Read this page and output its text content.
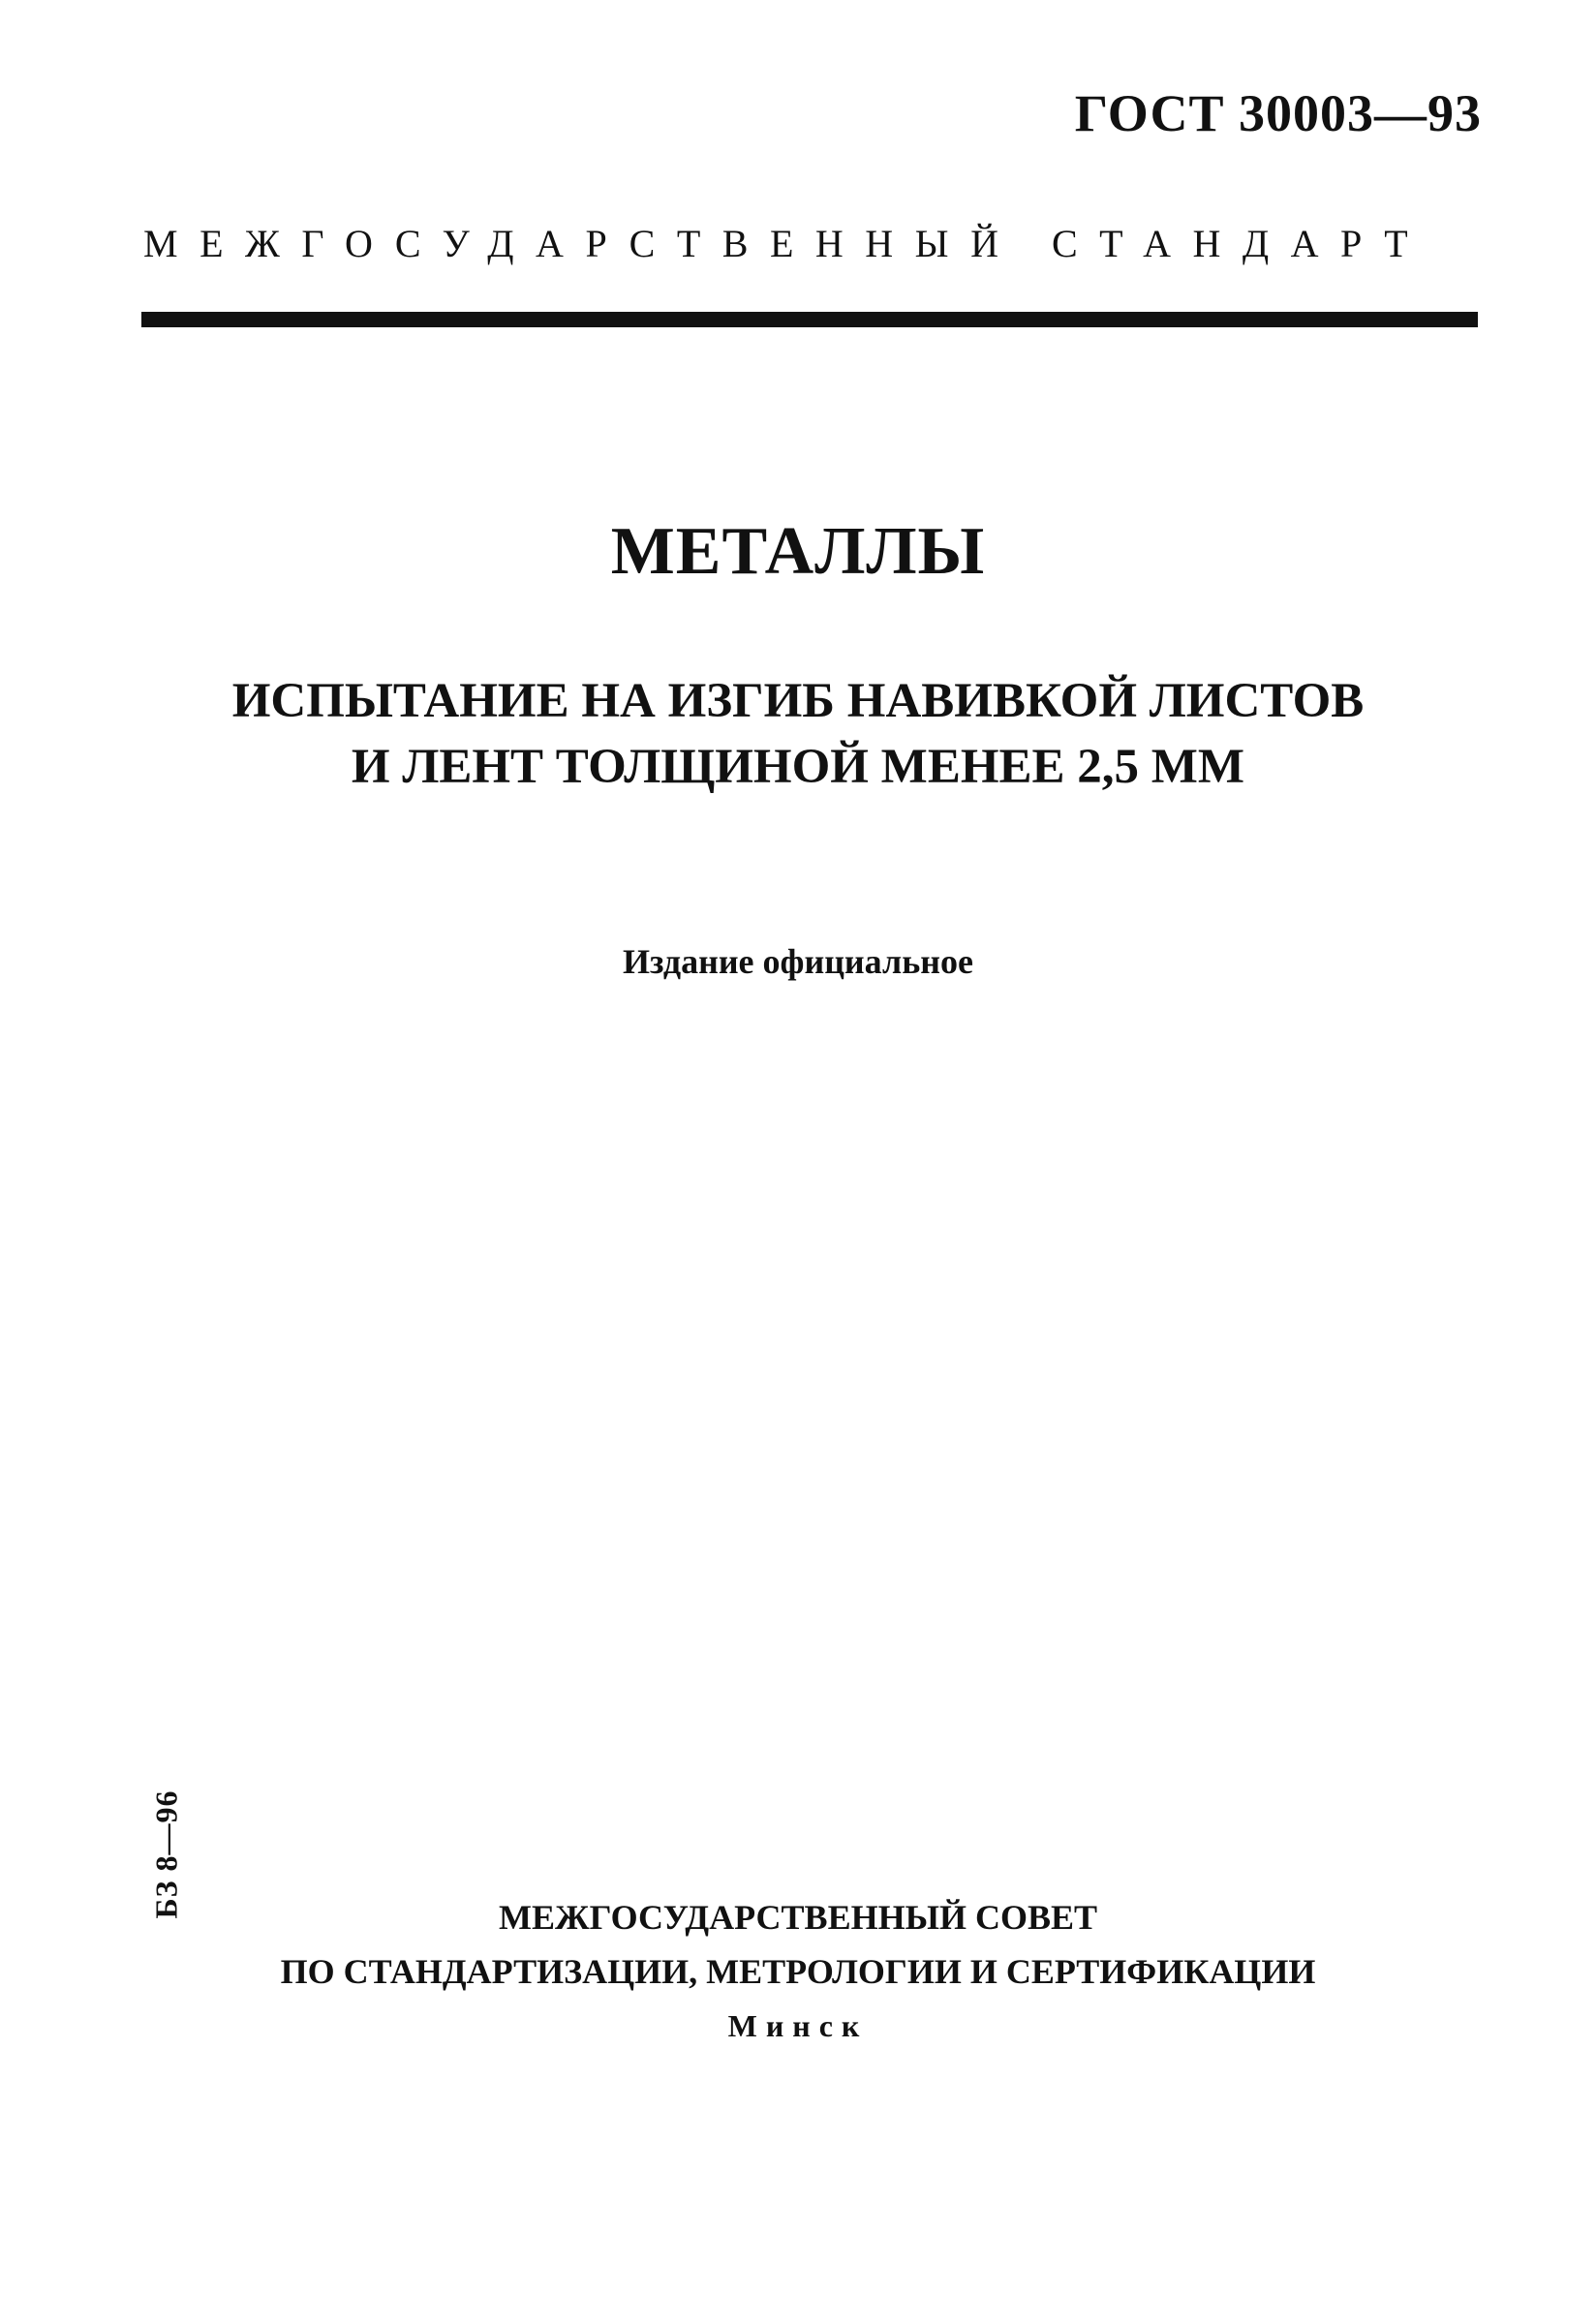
ГОСТ 30003—93
МЕЖГОСУДАРСТВЕННЫЙ СТАНДАРТ
МЕТАЛЛЫ
ИСПЫТАНИЕ НА ИЗГИБ НАВИВКОЙ ЛИСТОВ
И ЛЕНТ ТОЛЩИНОЙ МЕНЕЕ 2,5 ММ
Издание официальное
БЗ 8—96	МЕЖГОСУДАРСТВЕННЫЙ СОВЕТ
ПО СТАНДАРТИЗАЦИИ, МЕТРОЛОГИИ И СЕРТИФИКАЦИИ
Минск
